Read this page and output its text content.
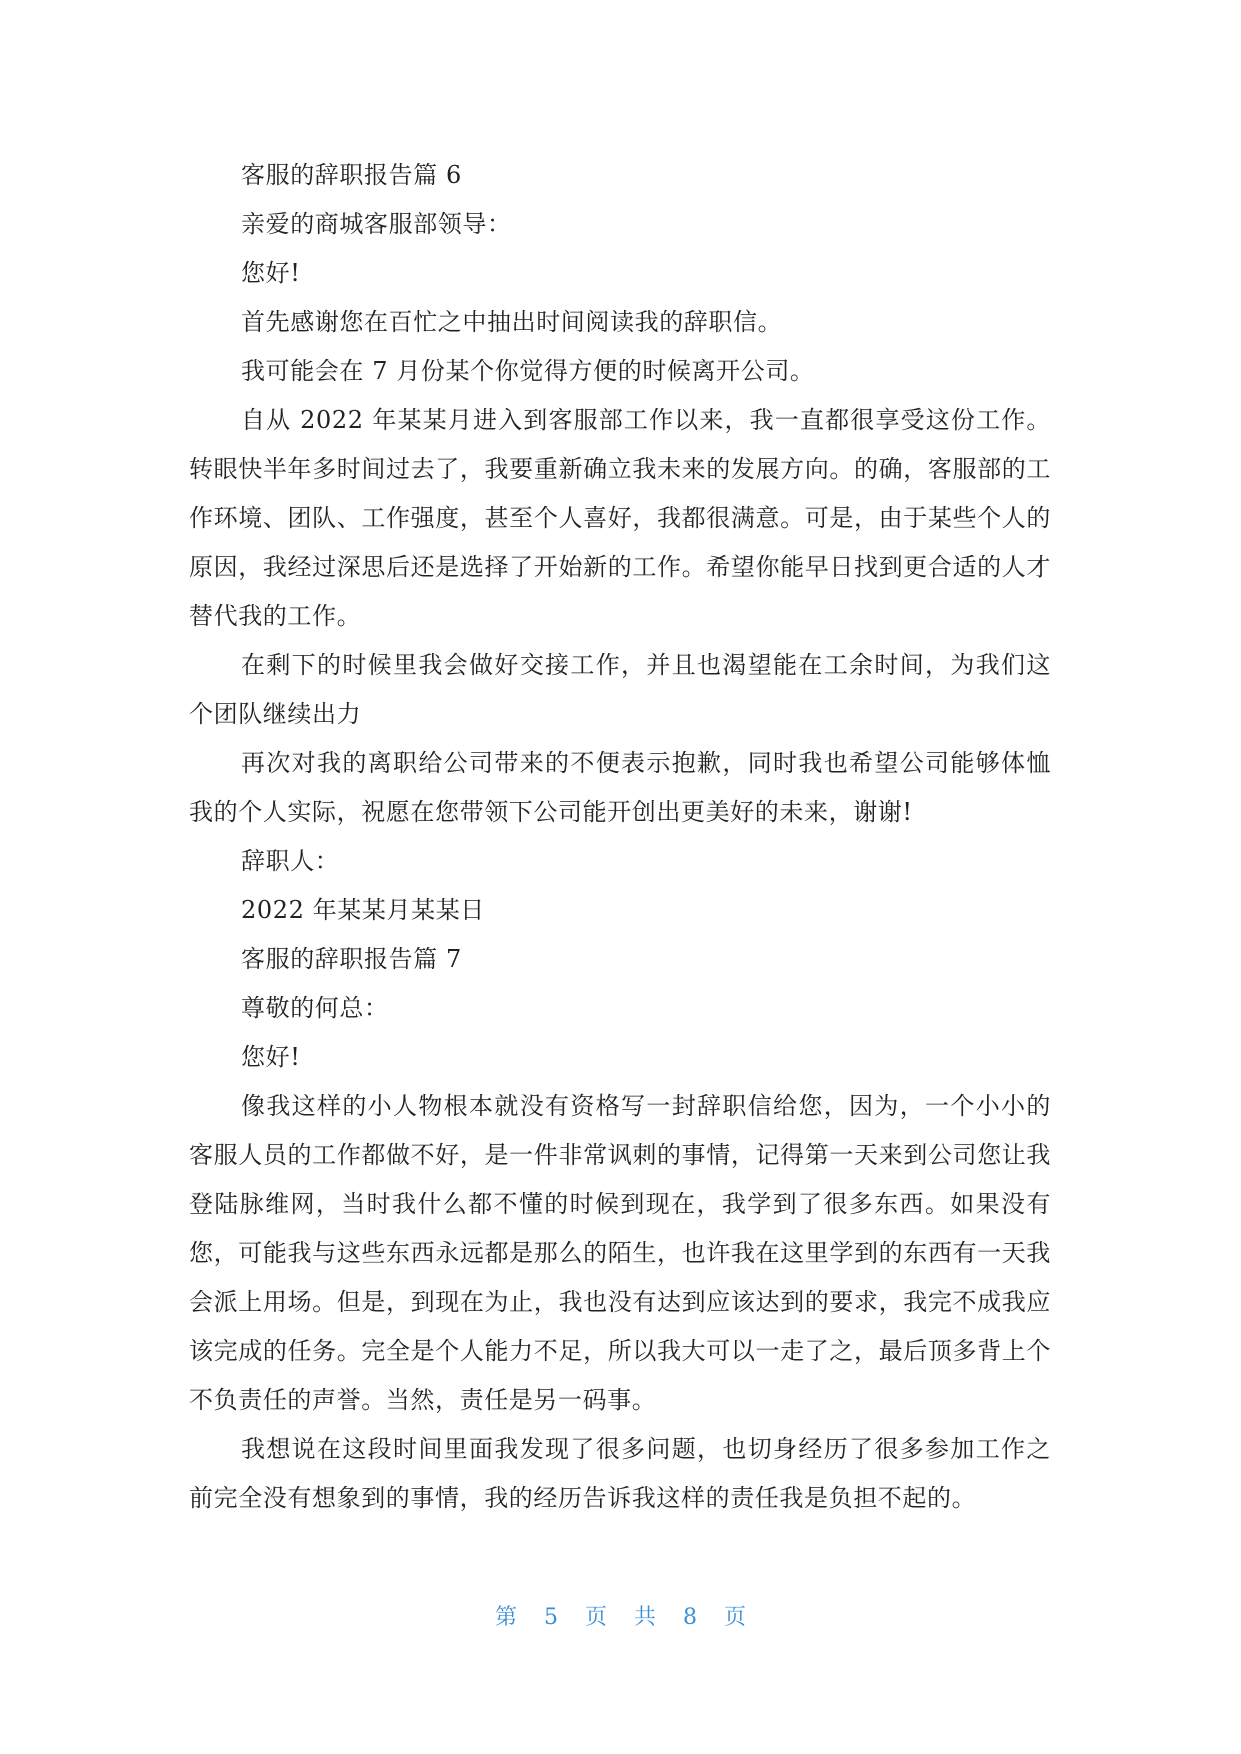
客服的辞职报告篇 6

亲爱的商城客服部领导：

您好!

首先感谢您在百忙之中抽出时间阅读我的辞职信。

我可能会在 7 月份某个你觉得方便的时候离开公司。

自从 2022 年某某月进入到客服部工作以来，我一直都很享受这份工作。转眼快半年多时间过去了，我要重新确立我未来的发展方向。的确，客服部的工作环境、团队、工作强度，甚至个人喜好，我都很满意。可是，由于某些个人的原因，我经过深思后还是选择了开始新的工作。希望你能早日找到更合适的人才替代我的工作。

在剩下的时候里我会做好交接工作，并且也渴望能在工余时间，为我们这个团队继续出力

再次对我的离职给公司带来的不便表示抱歉，同时我也希望公司能够体恤我的个人实际，祝愿在您带领下公司能开创出更美好的未来，谢谢!

辞职人：

2022 年某某月某某日

客服的辞职报告篇 7

尊敬的何总：

您好!

像我这样的小人物根本就没有资格写一封辞职信给您，因为，一个小小的客服人员的工作都做不好，是一件非常讽刺的事情，记得第一天来到公司您让我登陆脉维网，当时我什么都不懂的时候到现在，我学到了很多东西。如果没有您，可能我与这些东西永远都是那么的陌生，也许我在这里学到的东西有一天我会派上用场。但是，到现在为止，我也没有达到应该达到的要求，我完不成我应该完成的任务。完全是个人能力不足，所以我大可以一走了之，最后顶多背上个不负责任的声誉。当然，责任是另一码事。

我想说在这段时间里面我发现了很多问题，也切身经历了很多参加工作之前完全没有想象到的事情，我的经历告诉我这样的责任我是负担不起的。

第 5 页 共 8 页
